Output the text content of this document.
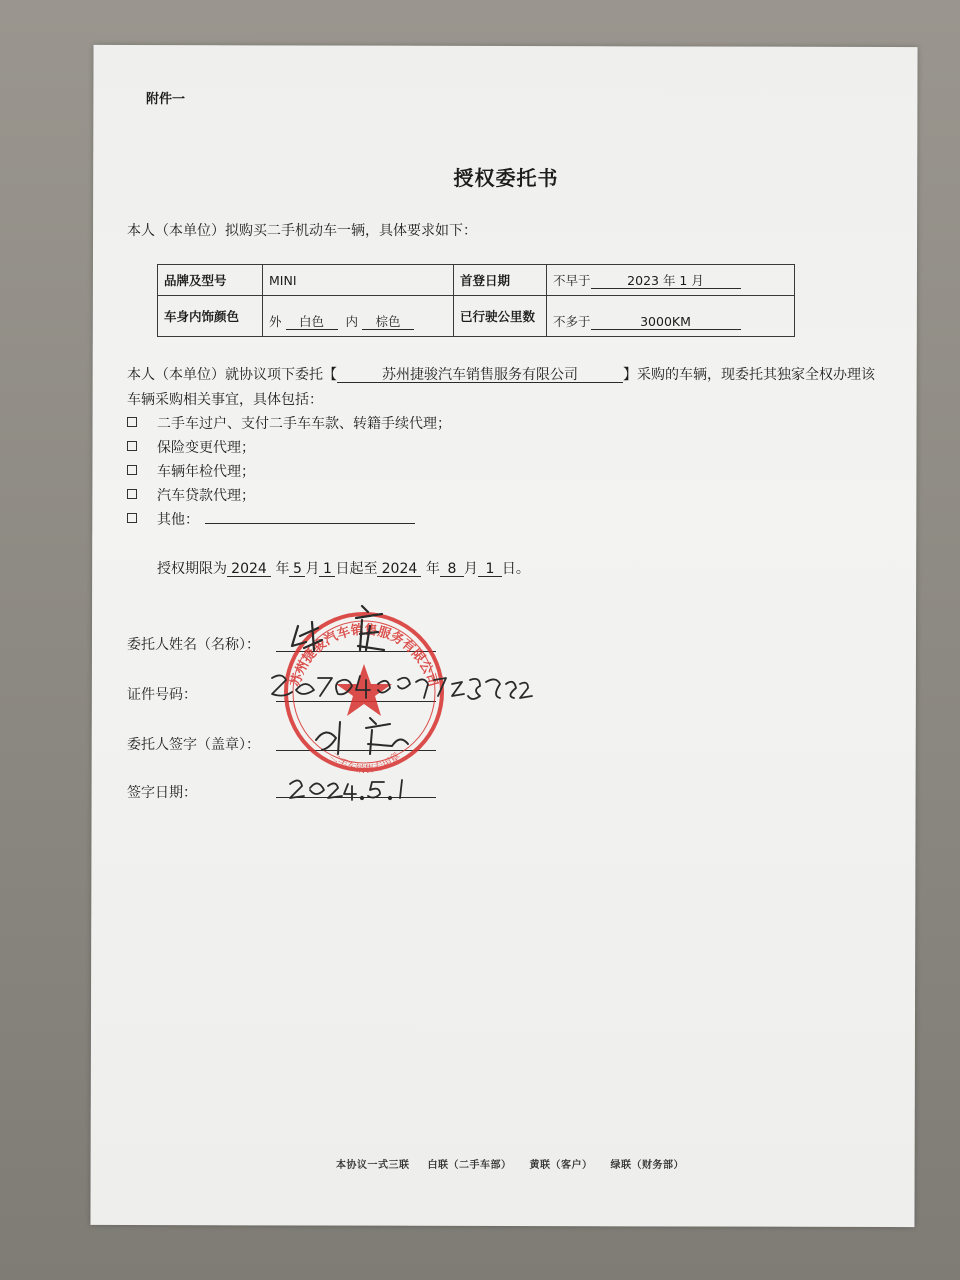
附件一
授权委托书
本人（本单位）拟购买二手机动车一辆，具体要求如下：
品牌及型号	MINI	首登日期	不早于 2023 年 1 月
车身内饰颜色	外 白色 内 棕色	已行驶公里数	不多于 3000KM
本人（本单位）就协议项下委托【	苏州捷骏汽车销售服务有限公司	】采购的车辆，现委托其独家全权办理该
车辆采购相关事宜，具体包括：
二手车过户、支付二手车车款、转籍手续代理；
保险变更代理；
车辆年检代理；
汽车贷款代理；
其他：
授权期限为 2024 年 5 月 1 日起至 2024 年 8 月 1 日。
委托人姓名（名称）：
证件号码：
委托人签字（盖章）：
签字日期：
苏州捷骏汽车销售服务有限公司
二手车销售专用章
本协议一式三联 白联（二手车部） 黄联（客户） 绿联（财务部）
